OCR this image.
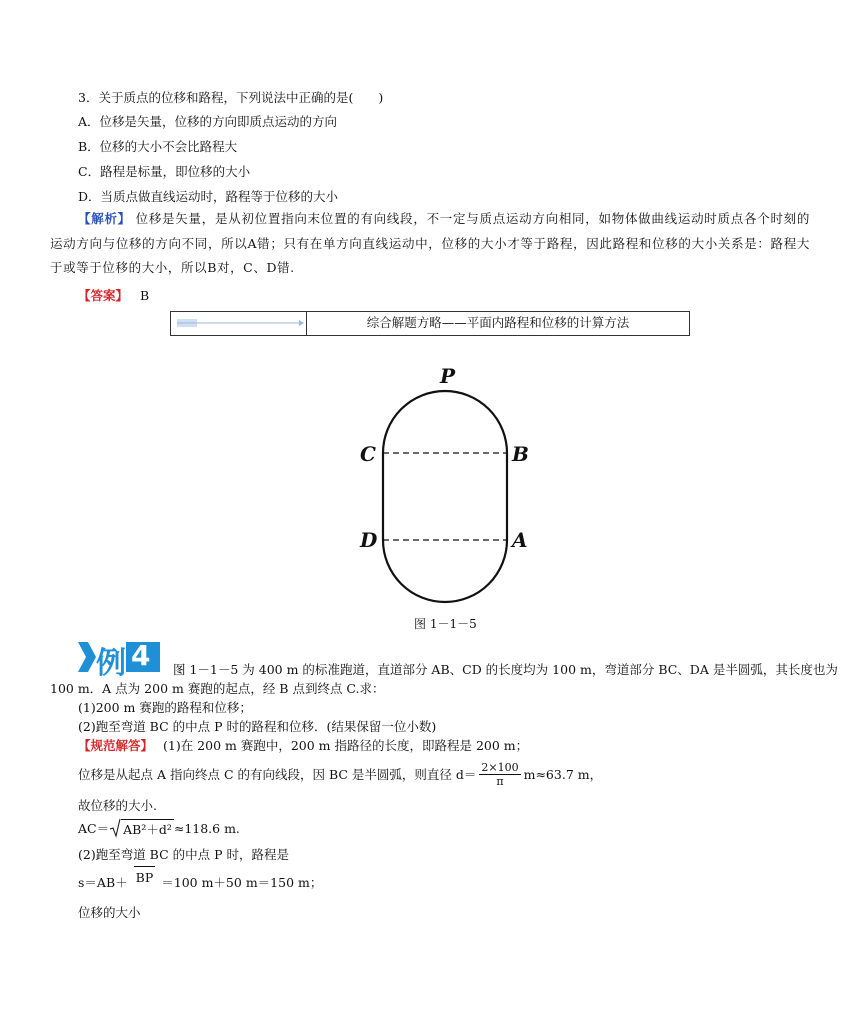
3．关于质点的位移和路程，下列说法中正确的是(　　)
A．位移是矢量，位移的方向即质点运动的方向
B．位移的大小不会比路程大
C．路程是标量，即位移的大小
D．当质点做直线运动时，路程等于位移的大小
【解析】 位移是矢量，是从初位置指向末位置的有向线段，不一定与质点运动方向相同，如物体做曲线运动时质点各个时刻的运动方向与位移的方向不同，所以A错；只有在单方向直线运动中，位移的大小才等于路程，因此路程和位移的大小关系是：路程大于或等于位移的大小，所以B对，C、D错.
【答案】 B
综合解题方略——平面内路程和位移的计算方法
P
C	B
D	A
图 1－1－5
例 4 图 1－1－5 为 400 m 的标准跑道，直道部分 AB、CD 的长度均为 100 m，弯道部分 BC、DA 是半圆弧，其长度也为
100 m．A 点为 200 m 赛跑的起点，经 B 点到终点 C.求：
(1)200 m 赛跑的路程和位移；
(2)跑至弯道 BC 的中点 P 时的路程和位移．(结果保留一位小数)
【规范解答】 (1)在 200 m 赛跑中，200 m 指路径的长度，即路程是 200 m；
位移是从起点 A 指向终点 C 的有向线段，因 BC 是半圆弧，则直径 $d= \frac{2\times 100}{\pi} m\approx 63.7$ m，
故位移的大小.
AC＝ AB²＋d² ≈118.6 m.
(2)跑至弯道 BC 的中点 P 时，路程是
s＝AB＋ BP ＝100 m＋50 m＝150 m；
位移的大小
